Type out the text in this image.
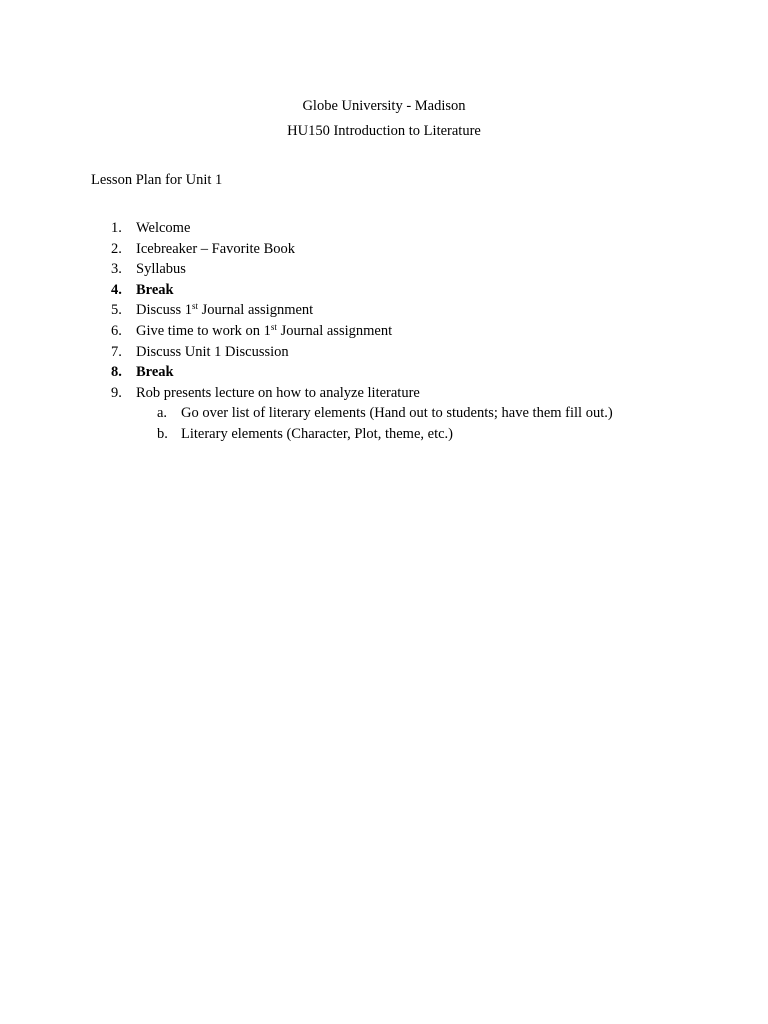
Globe University - Madison
HU150 Introduction to Literature
Lesson Plan for Unit 1
1. Welcome
2. Icebreaker – Favorite Book
3. Syllabus
4. Break
5. Discuss 1st Journal assignment
6. Give time to work on 1st Journal assignment
7. Discuss Unit 1 Discussion
8. Break
9. Rob presents lecture on how to analyze literature
a. Go over list of literary elements (Hand out to students; have them fill out.)
b. Literary elements (Character, Plot, theme, etc.)
